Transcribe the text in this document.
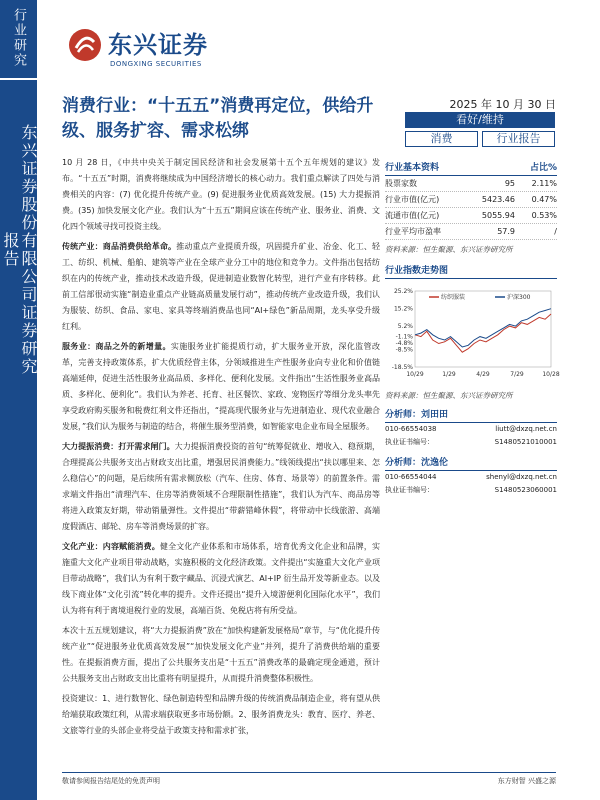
行业研究
东兴证券股份有限公司证券研究报告
东兴证券
DONGXING SECURITIES
消费行业：“十五五”消费再定位，供给升级、服务扩容、需求松绑
2025 年 10 月 30 日
看好/维持
消费	行业报告

10 月 28 日，《中共中央关于制定国民经济和社会发展第十五个五年规划的建议》发布。“十五五”时期，消费将继续成为中国经济增长的核心动力。我们重点解读了四处与消费相关的内容：(7) 优化提升传统产业。(9) 促进服务业优质高效发展。(15) 大力提振消费。(35) 加快发展文化产业。我们认为“十五五”期间应该在传统产业、服务业、消费、文化四个领域寻找可投资主线。

传统产业：商品消费供给革命。推动重点产业提质升级，巩固提升矿业、冶金、化工、轻工、纺织、机械、船舶、建筑等产业在全球产业分工中的地位和竞争力。文件指出包括纺织在内的传统产业，推动技术改造升级，促进制造业数智化转型，进行产业有序转移。此前工信部很动实施“制造业重点产业链高质量发展行动”，推动传统产业改造升级，我们认为服装、纺织、食品、家电、家具等终端消费品也同“AI+绿色”新品周期，龙头享受升级红利。

服务业：商品之外的新增量。实施服务业扩能提质行动，扩大服务业开放，深化监管改革，完善支持政策体系，扩大优质经营主体，分领域推进生产性服务业向专业化和价值链高端延伸，促进生活性服务业高品质、多样化、便利化发展。文件指出“生活性服务业高品质、多样化、便利化”。我们认为养老、托育、社区餐饮、家政、宠物医疗等细分龙头率先享受政府购买服务和税费红利文件还指出，“提高现代服务业与先进制造业、现代农业融合发展，”我们认为服务与制造的结合，将催生服务型消费，如智能家电企业布局全屋服务。

大力提振消费：打开需求闸门。大力提振消费投资的首句“统筹促就业、增收入、稳预期，合理提高公共服务支出占财政支出比重，增强居民消费能力。”线领线提出“扶以哪里来、怎么稳信心”的问题，是后续所有需求侧放松（汽车、住房、体育、场景等）的前置条件。需求端文件指出“清理汽车、住房等消费领域不合理限制性措施”，我们认为汽车、商品房等将进入政策友好期，带动销量弹性。文件提出“带薪错峰休假”，将带动中长线旅游、高端度假酒店、邮轮、房车等消费场景的扩容。

文化产业：内容赋能消费。健全文化产业体系和市场体系，培育优秀文化企业和品牌，实施重大文化产业项目带动战略，实施积极的文化经济政策。文件提出“实施重大文化产业项目带动战略”，我们认为有利于数字藏品、沉浸式演艺、AI+IP 衍生品开发等新业态。以及线下商业体“文化引流”转化率的提升。文件还提出“提升入境游便利化国际化水平”，我们认为将有利于离境退税行业的发展，高端百货、免税店将有所受益。

本次十五五规划建议，将“大力提振消费”放在“加快构建新发展格局”章节，与“优化提升传统产业”“促进服务业优质高效发展”“加快发展文化产业”并列，提升了消费供给端的重要性。在提振消费方面，提出了公共服务支出是“十五五”消费改革的最确定现金通道，预计公共服务支出占财政支出比重将有明显提升，从而提升消费整体积极性。

投资建议：1、进行数智化、绿色制造转型和品牌升级的传统消费品制造企业，将有望从供给端获取政策红利，从需求端获取更多市场份额。2、服务消费龙头：教育、医疗、养老、文旅等行业的头部企业将受益于政策支持和需求扩张，

行业基本资料	占比%
股票家数	95	2.11%
行业市值(亿元)	5423.46	0.47%
流通市值(亿元)	5055.94	0.53%
行业平均市盈率	57.9	/
资料来源：恒生聚源、东兴证券研究所
行业指数走势图
25.2%
15.2%
5.2%
-4.8%
-1.1%
-8.5%
-18.5%
10/29	1/29	4/29	7/29	10/28
纺织服装	沪深300
资料来源：恒生聚源、东兴证券研究所
分析师：刘田田
010-66554038	liutt@dxzq.net.cn
执业证书编号：	S1480521010001
分析师：沈逸伦
010-66554044	shenyl@dxzq.net.cn
执业证书编号：	S1480523060001
敬请参阅报告结尾处的免责声明	东方财智 兴盛之源
